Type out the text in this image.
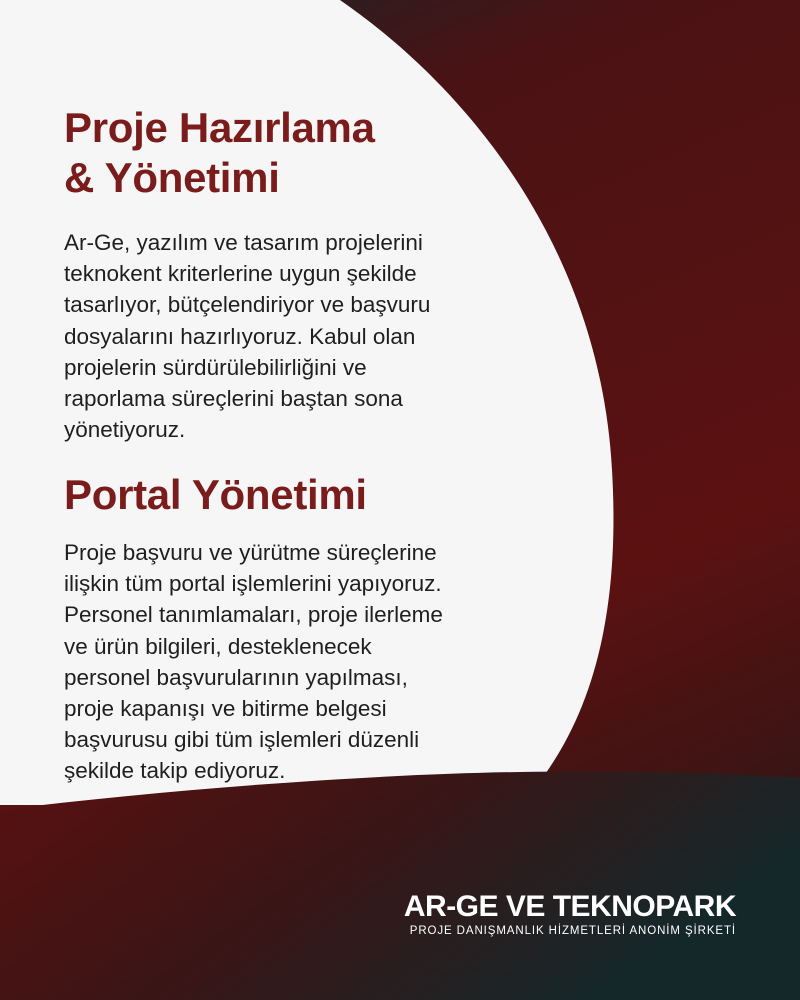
Proje Hazırlama
& Yönetimi

Ar-Ge, yazılım ve tasarım projelerini
teknokent kriterlerine uygun şekilde
tasarlıyor, bütçelendiriyor ve başvuru
dosyalarını hazırlıyoruz. Kabul olan
projelerin sürdürülebilirliğini ve
raporlama süreçlerini baştan sona
yönetiyoruz.

Portal Yönetimi

Proje başvuru ve yürütme süreçlerine
ilişkin tüm portal işlemlerini yapıyoruz.
Personel tanımlamaları, proje ilerleme
ve ürün bilgileri, desteklenecek
personel başvurularının yapılması,
proje kapanışı ve bitirme belgesi
başvurusu gibi tüm işlemleri düzenli
şekilde takip ediyoruz.

AR-GE VE TEKNOPARK
PROJE DANIŞMANLIK HİZMETLERİ ANONİM ŞİRKETİ
